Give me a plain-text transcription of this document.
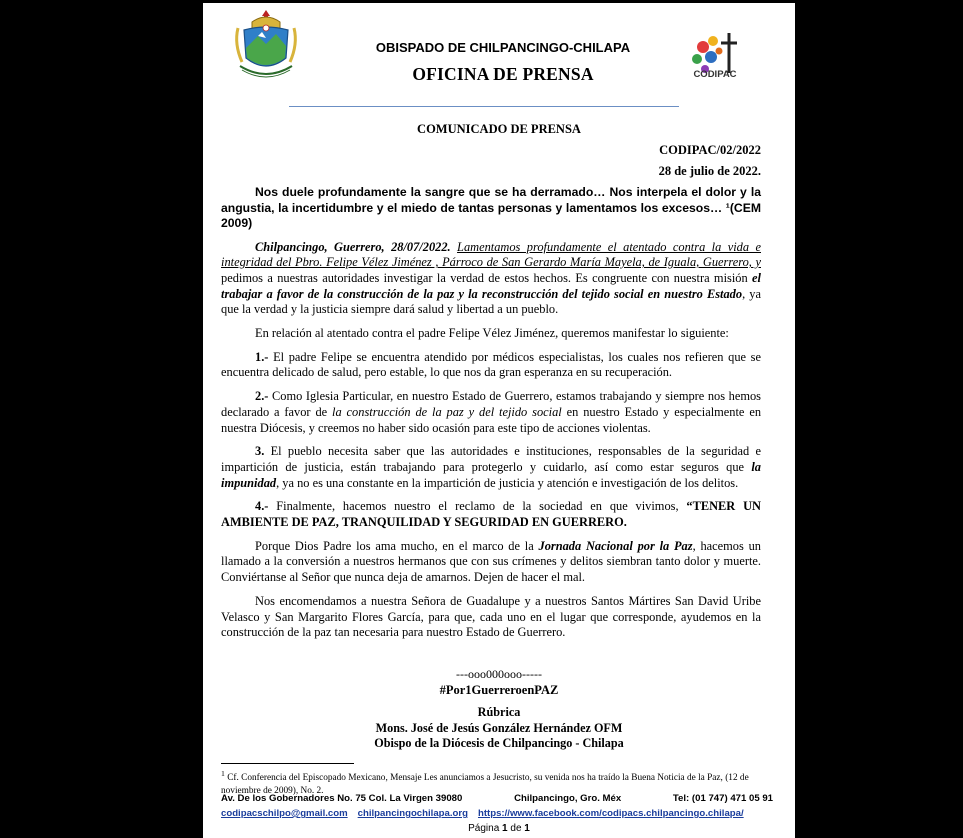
OBISPADO DE CHILPANCINGO-CHILAPA
OFICINA DE PRENSA	CODIPAC
COMUNICADO DE PRENSA
CODIPAC/02/2022
28 de julio de 2022.

Nos duele profundamente la sangre que se ha derramado… Nos interpela el dolor y la angustia, la incertidumbre y el miedo de tantas personas y lamentamos los excesos… ¹(CEM 2009)

Chilpancingo, Guerrero, 28/07/2022. Lamentamos profundamente el atentado contra la vida e integridad del Pbro. Felipe Vélez Jiménez , Párroco de San Gerardo María Mayela, de Iguala, Guerrero, y pedimos a nuestras autoridades investigar la verdad de estos hechos. Es congruente con nuestra misión el trabajar a favor de la construcción de la paz y la reconstrucción del tejido social en nuestro Estado, ya que la verdad y la justicia siempre dará salud y libertad a un pueblo.

En relación al atentado contra el padre Felipe Vélez Jiménez, queremos manifestar lo siguiente:

1.- El padre Felipe se encuentra atendido por médicos especialistas, los cuales nos refieren que se encuentra delicado de salud, pero estable, lo que nos da gran esperanza en su recuperación.

2.- Como Iglesia Particular, en nuestro Estado de Guerrero, estamos trabajando y siempre nos hemos declarado a favor de la construcción de la paz y del tejido social en nuestro Estado y especialmente en nuestra Diócesis, y creemos no haber sido ocasión para este tipo de acciones violentas.

3. El pueblo necesita saber que las autoridades e instituciones, responsables de la seguridad e impartición de justicia, están trabajando para protegerlo y cuidarlo, así como estar seguros que la impunidad, ya no es una constante en la impartición de justicia y atención e investigación de los delitos.

4.- Finalmente, hacemos nuestro el reclamo de la sociedad en que vivimos, “TENER UN AMBIENTE DE PAZ, TRANQUILIDAD Y SEGURIDAD EN GUERRERO.

Porque Dios Padre los ama mucho, en el marco de la Jornada Nacional por la Paz, hacemos un llamado a la conversión a nuestros hermanos que con sus crímenes y delitos siembran tanto dolor y muerte. Conviértanse al Señor que nunca deja de amarnos. Dejen de hacer el mal.

Nos encomendamos a nuestra Señora de Guadalupe y a nuestros Santos Mártires San David Uribe Velasco y San Margarito Flores García, para que, cada uno en el lugar que corresponde, ayudemos en la construcción de la paz tan necesaria para nuestro Estado de Guerrero.

---ooo000ooo-----
#Por1GuerreroenPAZ
Rúbrica
Mons. José de Jesús González Hernández OFM
Obispo de la Diócesis de Chilpancingo - Chilapa
$^1$ Cf. Conferencia del Episcopado Mexicano, Mensaje Les anunciamos a Jesucristo, su venida nos ha traído la Buena Noticia de la Paz, (12 de noviembre de 2009), No. 2.
Av. De los Gobernadores No. 75 Col. La Virgen 39080	Chilpancingo, Gro. Méx	Tel: (01 747) 471 05 91
codipacschilpo@gmail.com chilpancingochilapa.org https://www.facebook.com/codipacs.chilpancingo.chilapa/
Página 1 de 1
